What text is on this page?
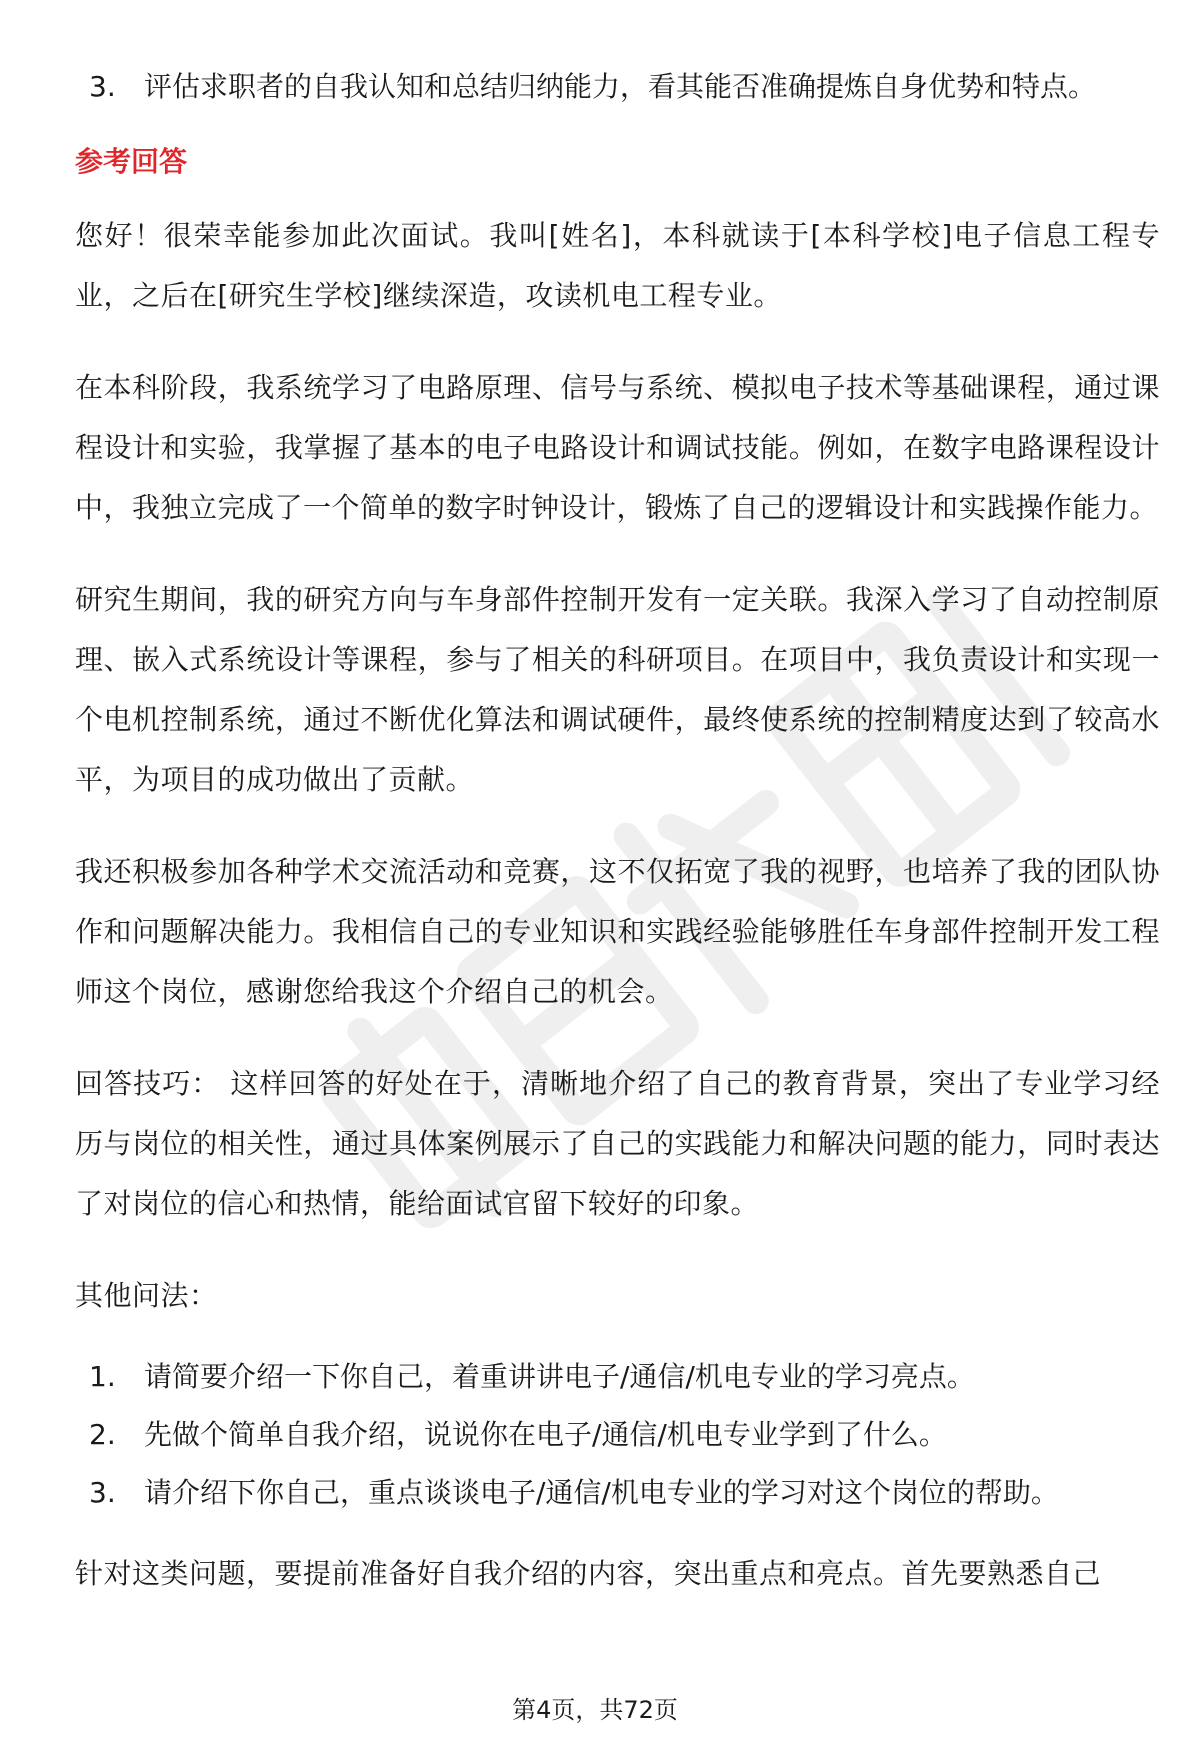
3.	评估求职者的自我认知和总结归纳能力，看其能否准确提炼自身优势和特点。
参考回答

您好！很荣幸能参加此次面试。我叫[姓名]，本科就读于[本科学校]电子信息工程专业，之后在[研究生学校]继续深造，攻读机电工程专业。

在本科阶段，我系统学习了电路原理、信号与系统、模拟电子技术等基础课程，通过课程设计和实验，我掌握了基本的电子电路设计和调试技能。例如，在数字电路课程设计中，我独立完成了一个简单的数字时钟设计，锻炼了自己的逻辑设计和实践操作能力。

研究生期间，我的研究方向与车身部件控制开发有一定关联。我深入学习了自动控制原理、嵌入式系统设计等课程，参与了相关的科研项目。在项目中，我负责设计和实现一个电机控制系统，通过不断优化算法和调试硬件，最终使系统的控制精度达到了较高水平，为项目的成功做出了贡献。

我还积极参加各种学术交流活动和竞赛，这不仅拓宽了我的视野，也培养了我的团队协作和问题解决能力。我相信自己的专业知识和实践经验能够胜任车身部件控制开发工程师这个岗位，感谢您给我这个介绍自己的机会。

回答技巧： 这样回答的好处在于，清晰地介绍了自己的教育背景，突出了专业学习经历与岗位的相关性，通过具体案例展示了自己的实践能力和解决问题的能力，同时表达了对岗位的信心和热情，能给面试官留下较好的印象。

其他问法：

1.	请简要介绍一下你自己，着重讲讲电子/通信/机电专业的学习亮点。
2.	先做个简单自我介绍，说说你在电子/通信/机电专业学到了什么。
3.	请介绍下你自己，重点谈谈电子/通信/机电专业的学习对这个岗位的帮助。

针对这类问题，要提前准备好自我介绍的内容，突出重点和亮点。首先要熟悉自己

第4页，共72页
